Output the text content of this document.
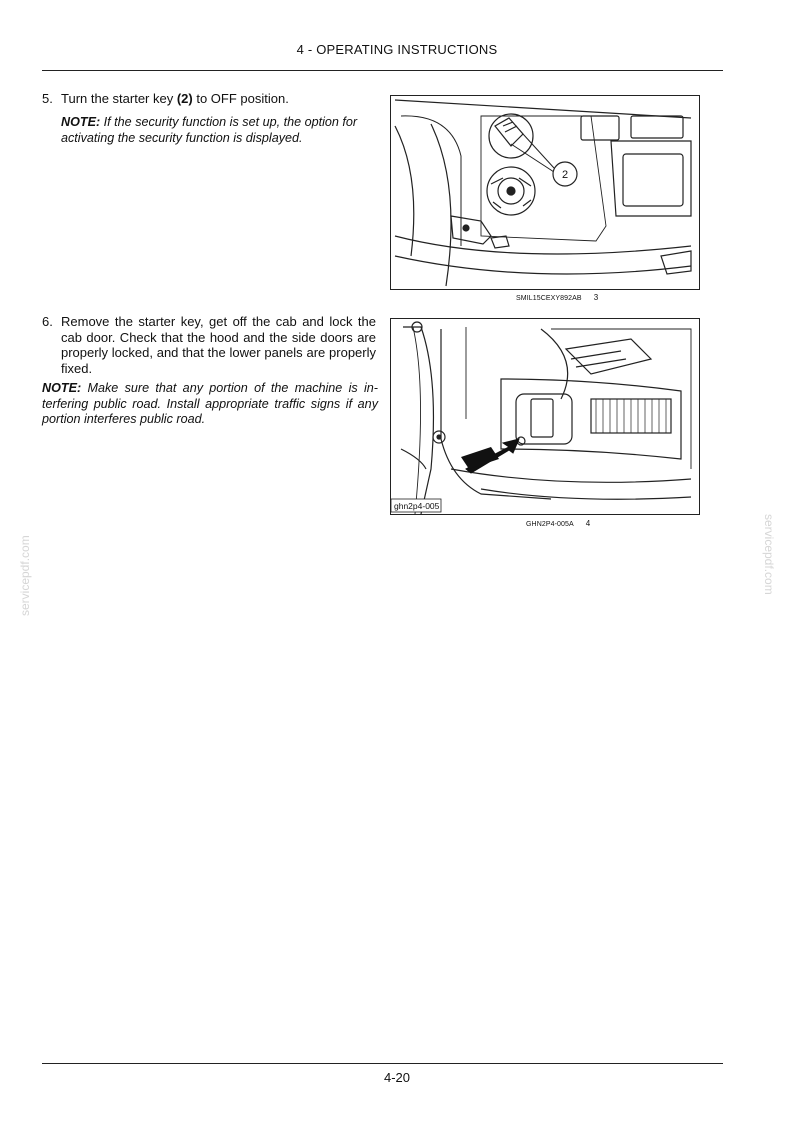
4 - OPERATING INSTRUCTIONS
5. Turn the starter key (2) to OFF position.
NOTE: If the security function is set up, the option for activating the security function is displayed.
2
SMIL15CEXY892AB 3
6. Remove the starter key, get off the cab and lock the cab door. Check that the hood and the side doors are properly locked, and that the lower panels are properly fixed.
NOTE: Make sure that any portion of the machine is in-terfering public road. Install appropriate traffic signs if any portion interferes public road.
ghn2p4-005
GHN2P4-005A 4
servicepdf.com	servicepdf.com
4-20
